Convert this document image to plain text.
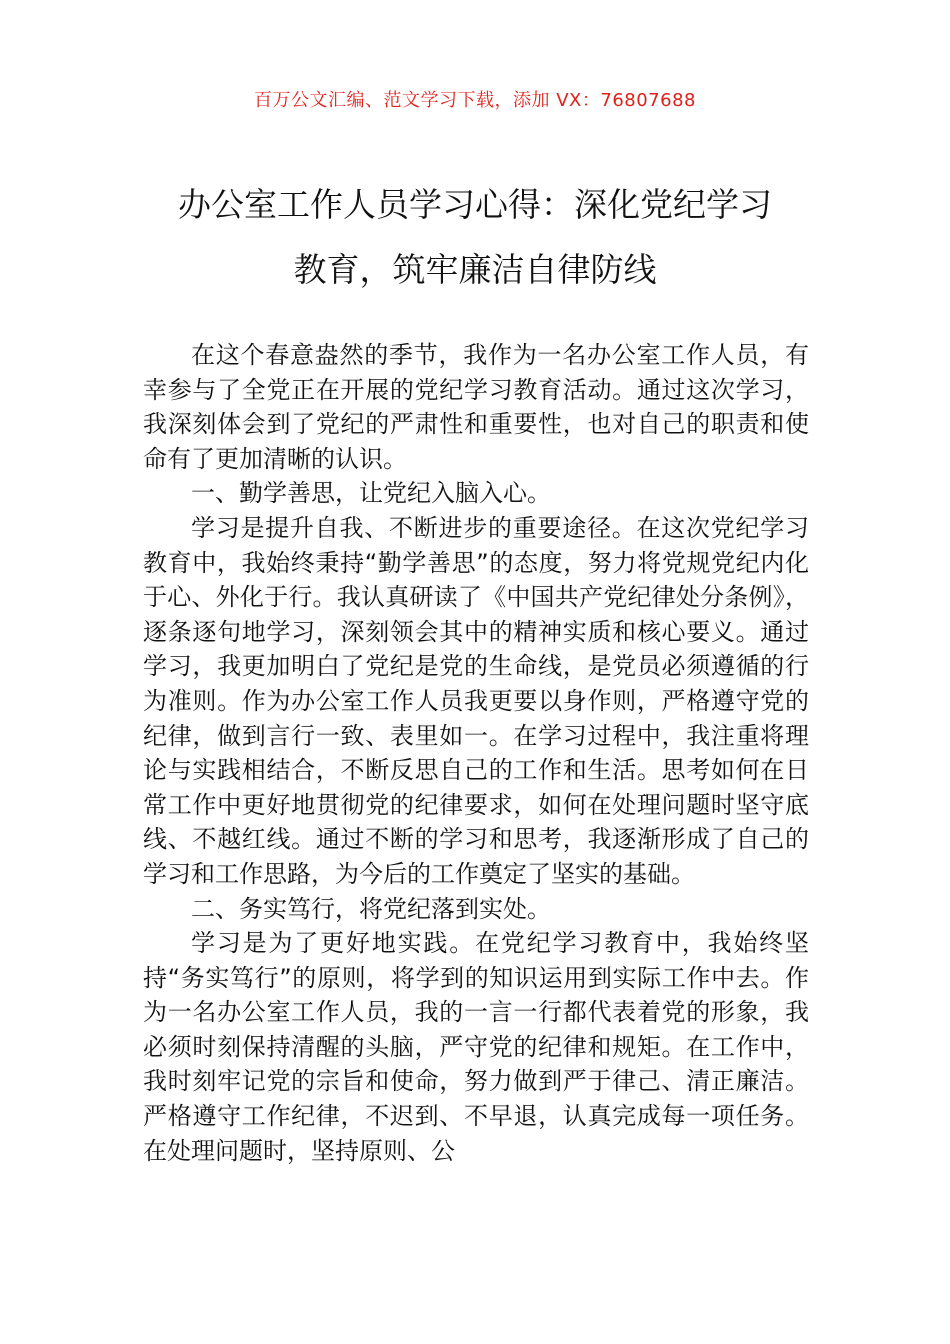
百万公文汇编、范文学习下载，添加 VX：76807688
办公室工作人员学习心得：深化党纪学习
教育，筑牢廉洁自律防线

在这个春意盎然的季节，我作为一名办公室工作人员，有幸参与了全党正在开展的党纪学习教育活动。通过这次学习，我深刻体会到了党纪的严肃性和重要性，也对自己的职责和使命有了更加清晰的认识。

一、勤学善思，让党纪入脑入心。

学习是提升自我、不断进步的重要途径。在这次党纪学习教育中，我始终秉持“勤学善思”的态度，努力将党规党纪内化于心、外化于行。我认真研读了《中国共产党纪律处分条例》，逐条逐句地学习，深刻领会其中的精神实质和核心要义。通过学习，我更加明白了党纪是党的生命线，是党员必须遵循的行为准则。作为办公室工作人员我更要以身作则，严格遵守党的纪律，做到言行一致、表里如一。在学习过程中，我注重将理论与实践相结合，不断反思自己的工作和生活。思考如何在日常工作中更好地贯彻党的纪律要求，如何在处理问题时坚守底线、不越红线。通过不断的学习和思考，我逐渐形成了自己的学习和工作思路，为今后的工作奠定了坚实的基础。

二、务实笃行，将党纪落到实处。

学习是为了更好地实践。在党纪学习教育中，我始终坚持“务实笃行”的原则，将学到的知识运用到实际工作中去。作为一名办公室工作人员，我的一言一行都代表着党的形象，我必须时刻保持清醒的头脑，严守党的纪律和规矩。在工作中，我时刻牢记党的宗旨和使命，努力做到严于律己、清正廉洁。严格遵守工作纪律，不迟到、不早退，认真完成每一项任务。在处理问题时，坚持原则、公
